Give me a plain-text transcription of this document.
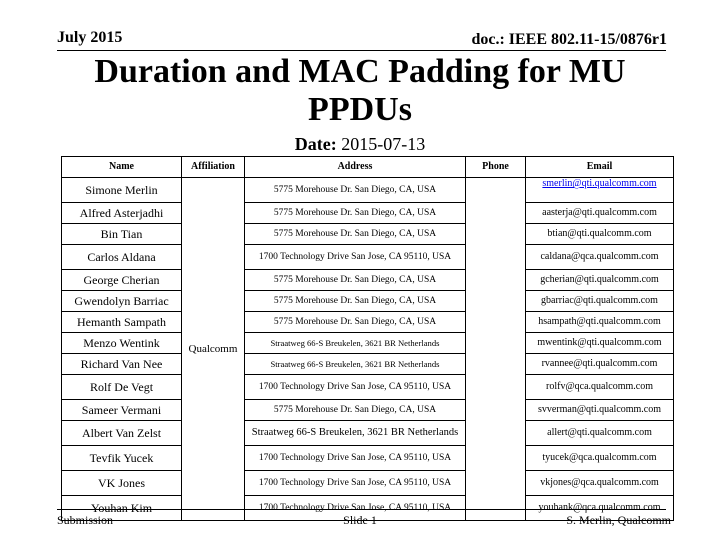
July 2015	doc.: IEEE 802.11-15/0876r1
Duration and MAC Padding for MU
PPDUs
Date: 2015-07-13
Name	Affiliation	Address	Phone	Email
Simone Merlin	Qualcomm	5775 Morehouse Dr. San Diego, CA, USA		smerlin@qti.qualcomm.com
Alfred Asterjadhi		5775 Morehouse Dr. San Diego, CA, USA		aasterja@qti.qualcomm.com
Bin Tian		5775 Morehouse Dr. San Diego, CA, USA		btian@qti.qualcomm.com
Carlos Aldana		1700 Technology Drive San Jose, CA 95110, USA		caldana@qca.qualcomm.com
George Cherian		5775 Morehouse Dr. San Diego, CA, USA		gcherian@qti.qualcomm.com
Gwendolyn Barriac		5775 Morehouse Dr. San Diego, CA, USA		gbarriac@qti.qualcomm.com
Hemanth Sampath		5775 Morehouse Dr. San Diego, CA, USA		hsampath@qti.qualcomm.com
Menzo Wentink		Straatweg 66-S Breukelen, 3621 BR Netherlands		mwentink@qti.qualcomm.com
Richard Van Nee		Straatweg 66-S Breukelen, 3621 BR Netherlands		rvannee@qti.qualcomm.com
Rolf De Vegt		1700 Technology Drive San Jose, CA 95110, USA		rolfv@qca.qualcomm.com
Sameer Vermani		5775 Morehouse Dr. San Diego, CA, USA		svverman@qti.qualcomm.com
Albert Van Zelst		Straatweg 66-S Breukelen, 3621 BR Netherlands		allert@qti.qualcomm.com
Tevfik Yucek		1700 Technology Drive San Jose, CA 95110, USA		tyucek@qca.qualcomm.com
VK Jones		1700 Technology Drive San Jose, CA 95110, USA		vkjones@qca.qualcomm.com
Youhan Kim		1700 Technology Drive San Jose, CA 95110, USA		youhank@qca.qualcomm.com
Submission	Slide 1	S. Merlin, Qualcomm
